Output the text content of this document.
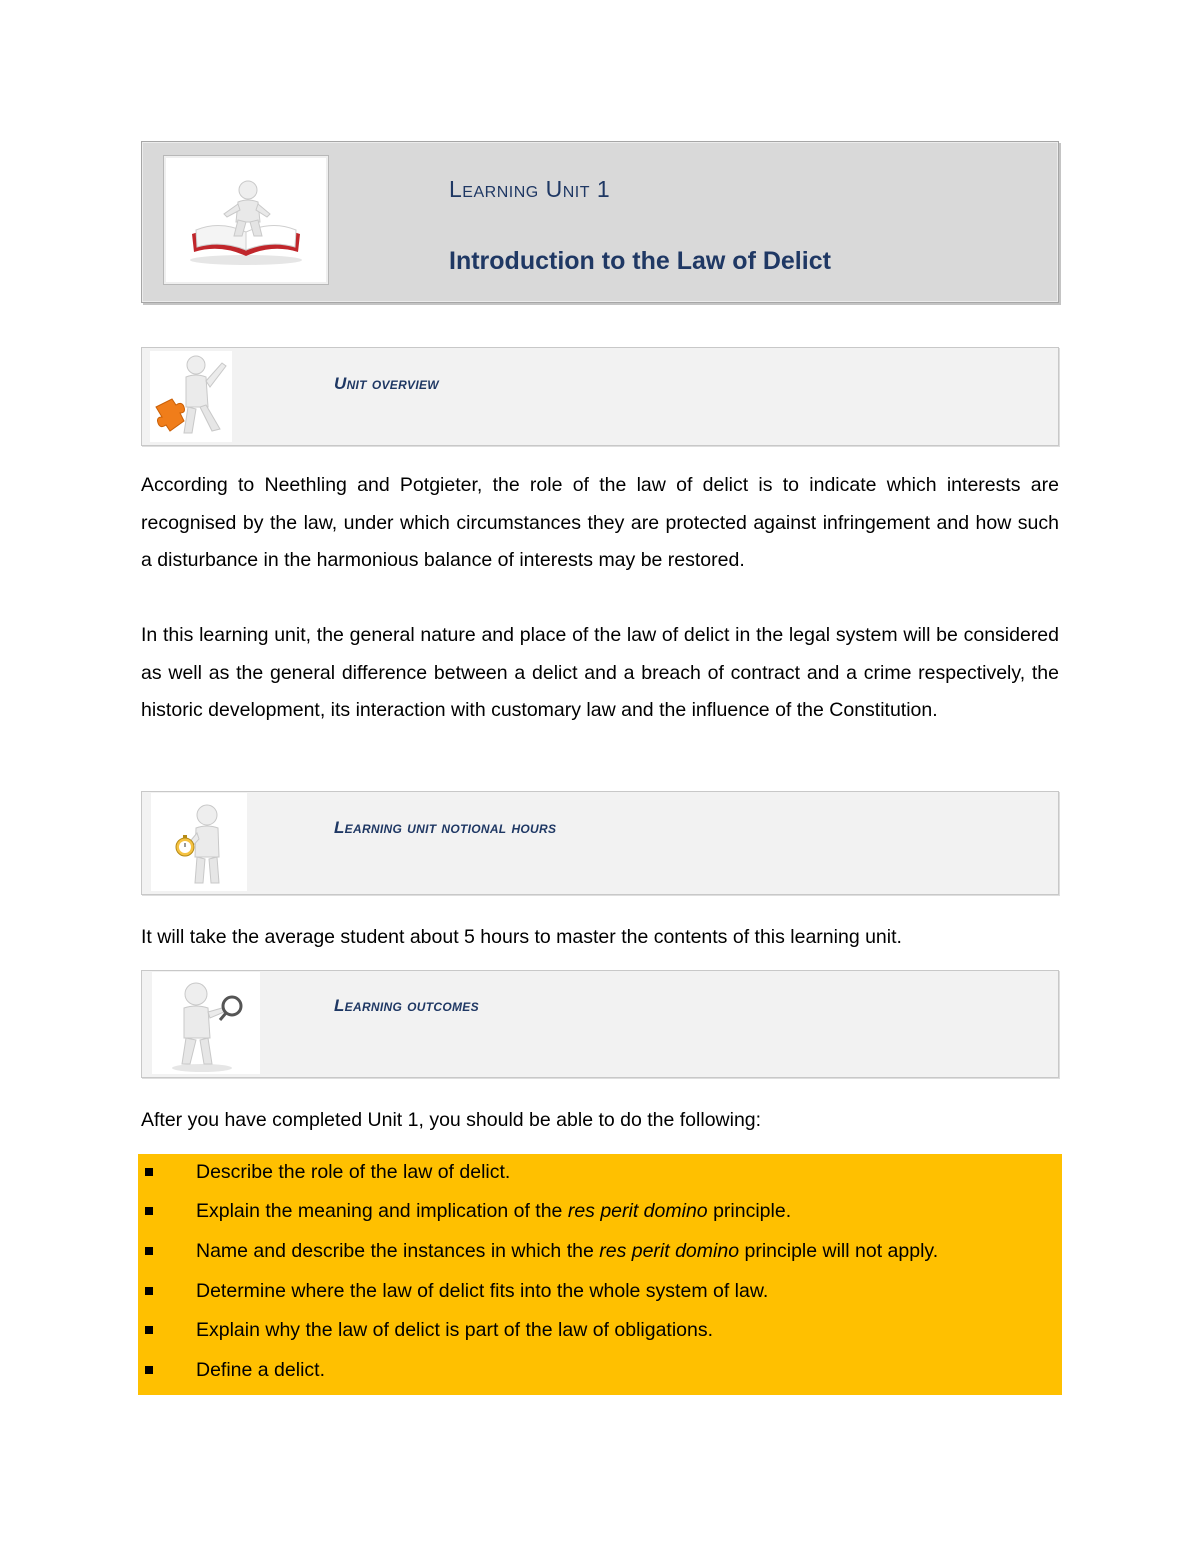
Learning Unit 1
Introduction to the Law of Delict
Unit overview
According to Neethling and Potgieter, the role of the law of delict is to indicate which interests are recognised by the law, under which circumstances they are protected against infringement and how such a disturbance in the harmonious balance of interests may be restored.
In this learning unit, the general nature and place of the law of delict in the legal system will be considered as well as the general difference between a delict and a breach of contract and a crime respectively, the historic development, its interaction with customary law and the influence of the Constitution.
Learning unit notional hours
It will take the average student about 5 hours to master the contents of this learning unit.
Learning outcomes
After you have completed Unit 1, you should be able to do the following:
Describe the role of the law of delict.
Explain the meaning and implication of the res perit domino principle.
Name and describe the instances in which the res perit domino principle will not apply.
Determine where the law of delict fits into the whole system of law.
Explain why the law of delict is part of the law of obligations.
Define a delict.
